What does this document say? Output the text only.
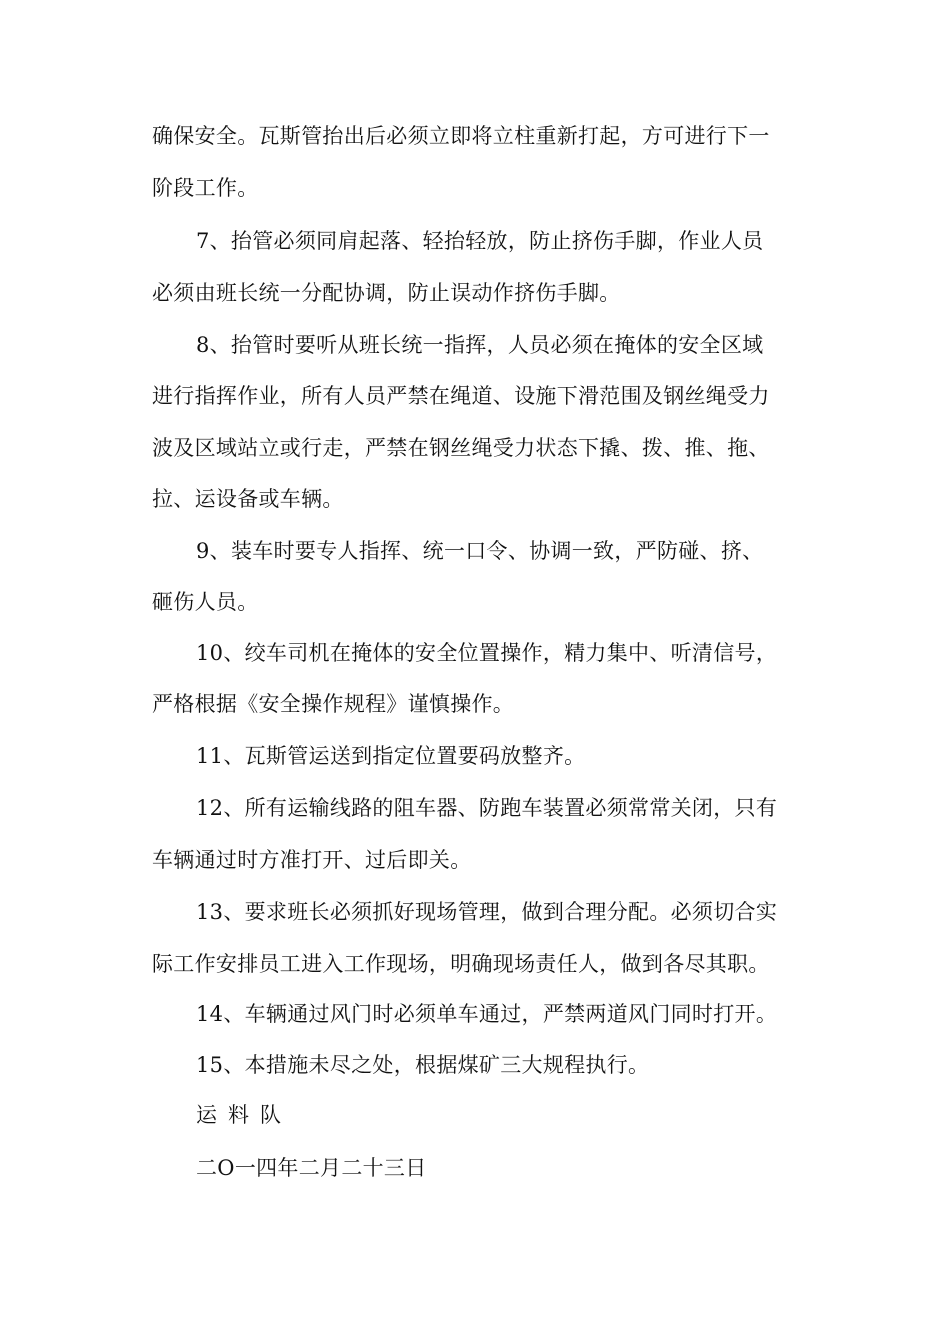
确保安全。瓦斯管抬出后必须立即将立柱重新打起，方可进行下一
阶段工作。
7、抬管必须同肩起落、轻抬轻放，防止挤伤手脚，作业人员
必须由班长统一分配协调，防止误动作挤伤手脚。
8、抬管时要听从班长统一指挥，人员必须在掩体的安全区域
进行指挥作业，所有人员严禁在绳道、设施下滑范围及钢丝绳受力
波及区域站立或行走，严禁在钢丝绳受力状态下撬、拨、推、拖、
拉、运设备或车辆。
9、装车时要专人指挥、统一口令、协调一致，严防碰、挤、
砸伤人员。
10、绞车司机在掩体的安全位置操作，精力集中、听清信号，
严格根据《安全操作规程》谨慎操作。
11、瓦斯管运送到指定位置要码放整齐。
12、所有运输线路的阻车器、防跑车装置必须常常关闭，只有
车辆通过时方准打开、过后即关。
13、要求班长必须抓好现场管理，做到合理分配。必须切合实
际工作安排员工进入工作现场，明确现场责任人，做到各尽其职。
14、车辆通过风门时必须单车通过，严禁两道风门同时打开。
15、本措施未尽之处，根据煤矿三大规程执行。
运料队
二O一四年二月二十三日
